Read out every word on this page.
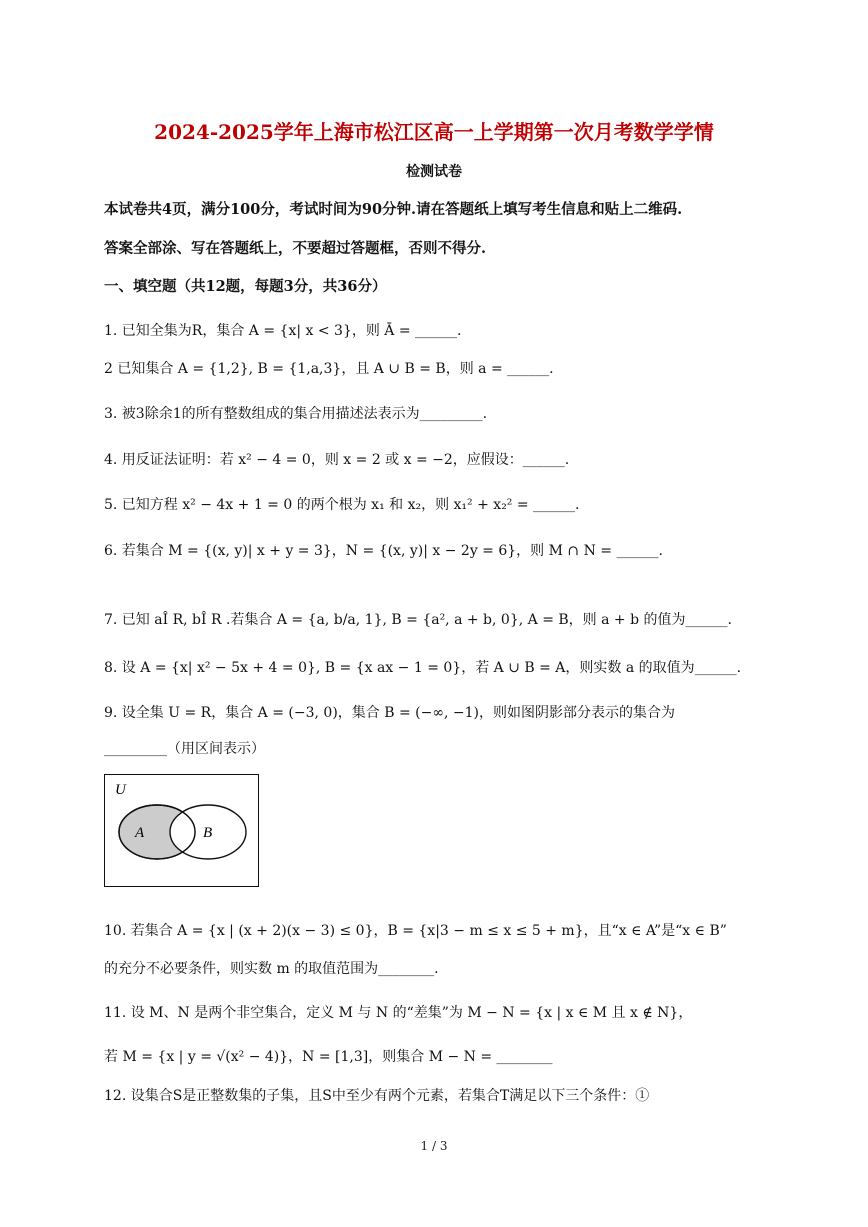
2024-2025学年上海市松江区高一上学期第一次月考数学学情
检测试卷
本试卷共4页，满分100分，考试时间为90分钟.请在答题纸上填写考生信息和贴上二维码.
答案全部涂、写在答题纸上，不要超过答题框，否则不得分.
一、填空题（共12题，每题3分，共36分）
1. 已知全集为R，集合 A = {x| x < 3}，则 Ā = ______.
2 已知集合 A = {1,2}, B = {1,a,3}，且 A ∪ B = B，则 a = ______.
3. 被3除余1的所有整数组成的集合用描述法表示为_________.
4. 用反证法证明：若 x² − 4 = 0，则 x = 2 或 x = −2，应假设：______.
5. 已知方程 x² − 4x + 1 = 0 的两个根为 x₁ 和 x₂，则 x₁² + x₂² = ______.
6. 若集合 M = {(x, y)| x + y = 3}，N = {(x, y)| x − 2y = 6}，则 M ∩ N = ______.
7. 已知 aÎ R, bÎ R .若集合 A = {a, b/a, 1}, B = {a², a + b, 0}, A = B，则 a + b 的值为______.
8. 设 A = {x| x² − 5x + 4 = 0}, B = {x ax − 1 = 0}，若 A ∪ B = A，则实数 a 的取值为______.
9. 设全集 U = R，集合 A = (−3, 0)，集合 B = (−∞, −1)，则如图阴影部分表示的集合为
_________（用区间表示）
U
A	B
10. 若集合 A = {x | (x + 2)(x − 3) ≤ 0}，B = {x|3 − m ≤ x ≤ 5 + m}，且“x ∈ A”是“x ∈ B”
的充分不必要条件，则实数 m 的取值范围为________.
11. 设 M、N 是两个非空集合，定义 M 与 N 的“差集”为 M − N = {x | x ∈ M 且 x ∉ N}，
若 M = {x | y = √(x² − 4)}，N = [1,3]，则集合 M − N = ________
12. 设集合S是正整数集的子集，且S中至少有两个元素，若集合T满足以下三个条件：①
1 / 3
